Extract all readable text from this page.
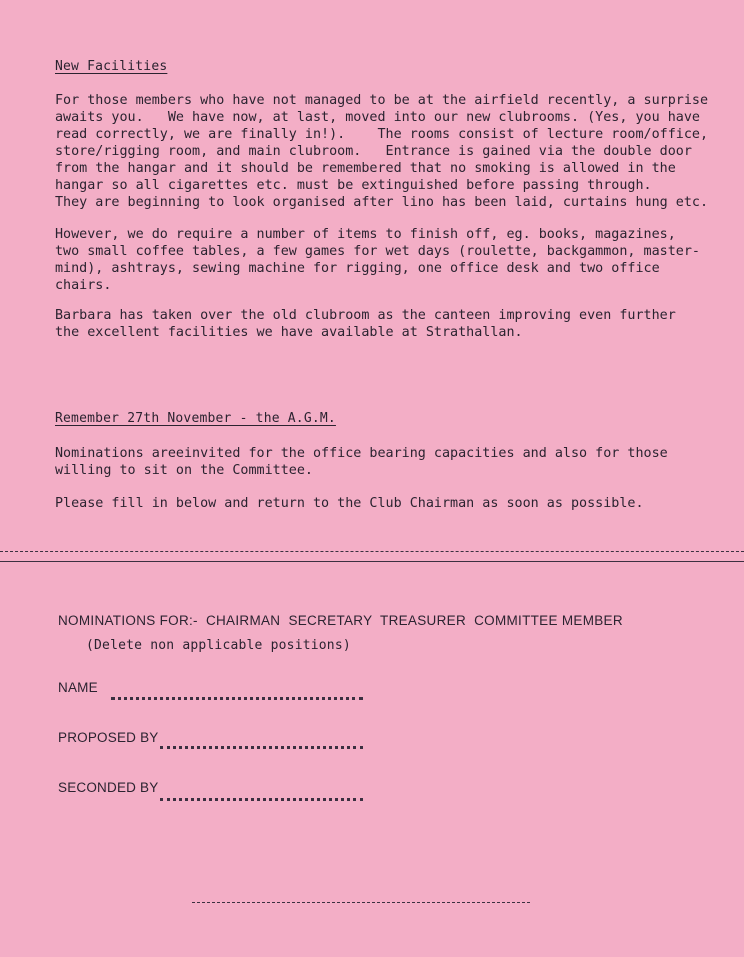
New Facilities
For those members who have not managed to be at the airfield recently, a surprise
awaits you.   We have now, at last, moved into our new clubrooms. (Yes, you have
read correctly, we are finally in!).    The rooms consist of lecture room/office,
store/rigging room, and main clubroom.   Entrance is gained via the double door
from the hangar and it should be remembered that no smoking is allowed in the
hangar so all cigarettes etc. must be extinguished before passing through.
They are beginning to look organised after lino has been laid, curtains hung etc.
However, we do require a number of items to finish off, eg. books, magazines,
two small coffee tables, a few games for wet days (roulette, backgammon, master-
mind), ashtrays, sewing machine for rigging, one office desk and two office
chairs.
Barbara has taken over the old clubroom as the canteen improving even further
the excellent facilities we have available at Strathallan.
Remember 27th November - the A.G.M.
Nominations areeinvited for the office bearing capacities and also for those
willing to sit on the Committee.
Please fill in below and return to the Club Chairman as soon as possible.
NOMINATIONS FOR:-  CHAIRMAN  SECRETARY  TREASURER  COMMITTEE MEMBER
(Delete non applicable positions)
NAME
PROPOSED BY
SECONDED BY
